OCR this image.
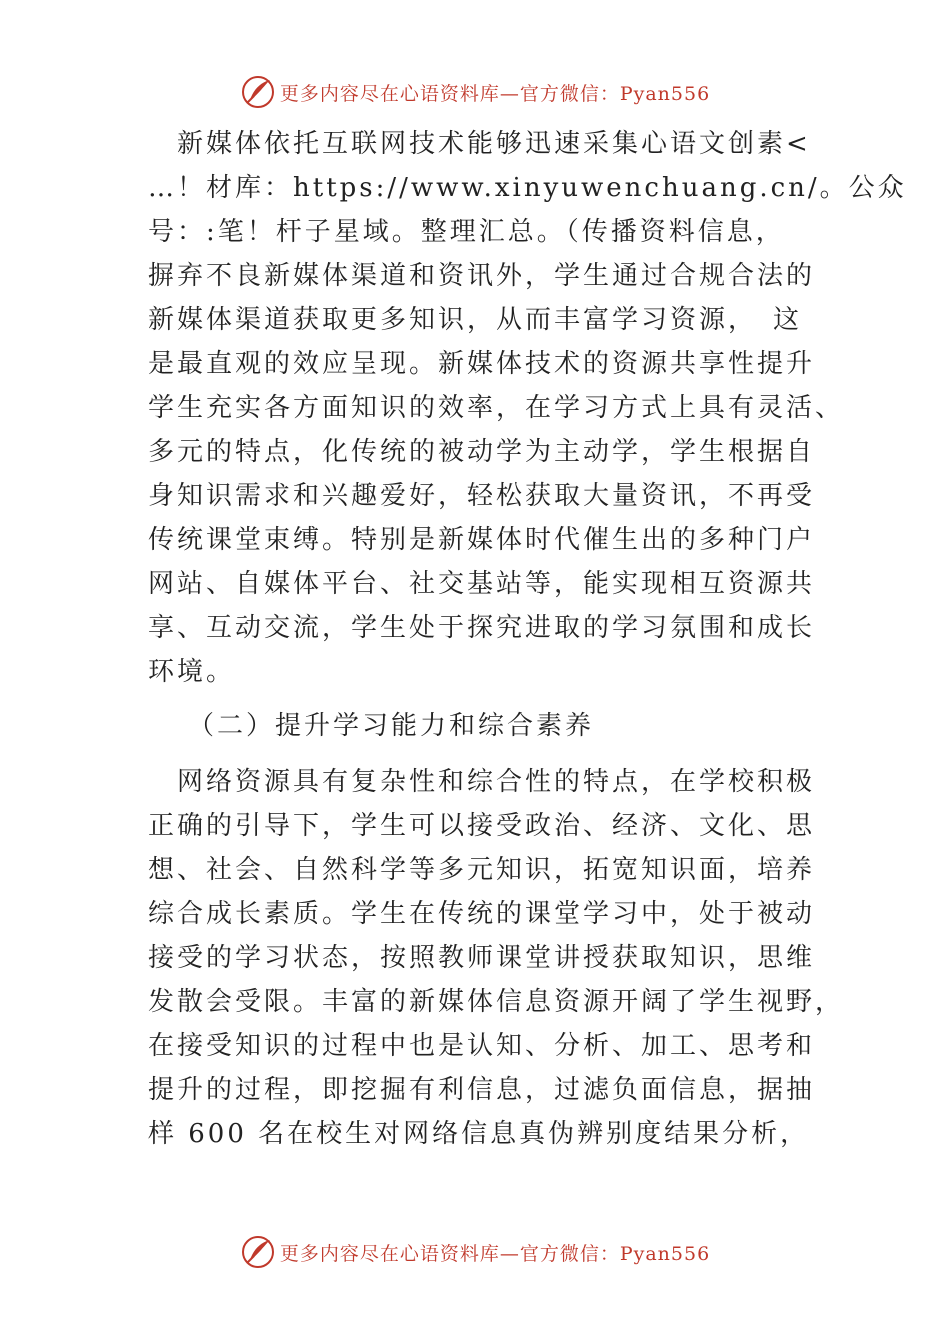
更多内容尽在心语资料库—官方微信：Pyan556
　新媒体依托互联网技术能够迅速采集心语文创素<
…！材库：https://www.xinyuwenchuang.cn/。公众
号：:笔！杆子星域。整理汇总。（传播资料信息，
摒弃不良新媒体渠道和资讯外，学生通过合规合法的
新媒体渠道获取更多知识，从而丰富学习资源，　这
是最直观的效应呈现。新媒体技术的资源共享性提升
学生充实各方面知识的效率，在学习方式上具有灵活、
多元的特点，化传统的被动学为主动学，学生根据自
身知识需求和兴趣爱好，轻松获取大量资讯，不再受
传统课堂束缚。特别是新媒体时代催生出的多种门户
网站、自媒体平台、社交基站等，能实现相互资源共
享、互动交流，学生处于探究进取的学习氛围和成长
环境。
（二）提升学习能力和综合素养
　网络资源具有复杂性和综合性的特点，在学校积极
正确的引导下，学生可以接受政治、经济、文化、思
想、社会、自然科学等多元知识，拓宽知识面，培养
综合成长素质。学生在传统的课堂学习中，处于被动
接受的学习状态，按照教师课堂讲授获取知识，思维
发散会受限。丰富的新媒体信息资源开阔了学生视野，
在接受知识的过程中也是认知、分析、加工、思考和
提升的过程，即挖掘有利信息，过滤负面信息，据抽
样 600 名在校生对网络信息真伪辨别度结果分析，
更多内容尽在心语资料库—官方微信：Pyan556
